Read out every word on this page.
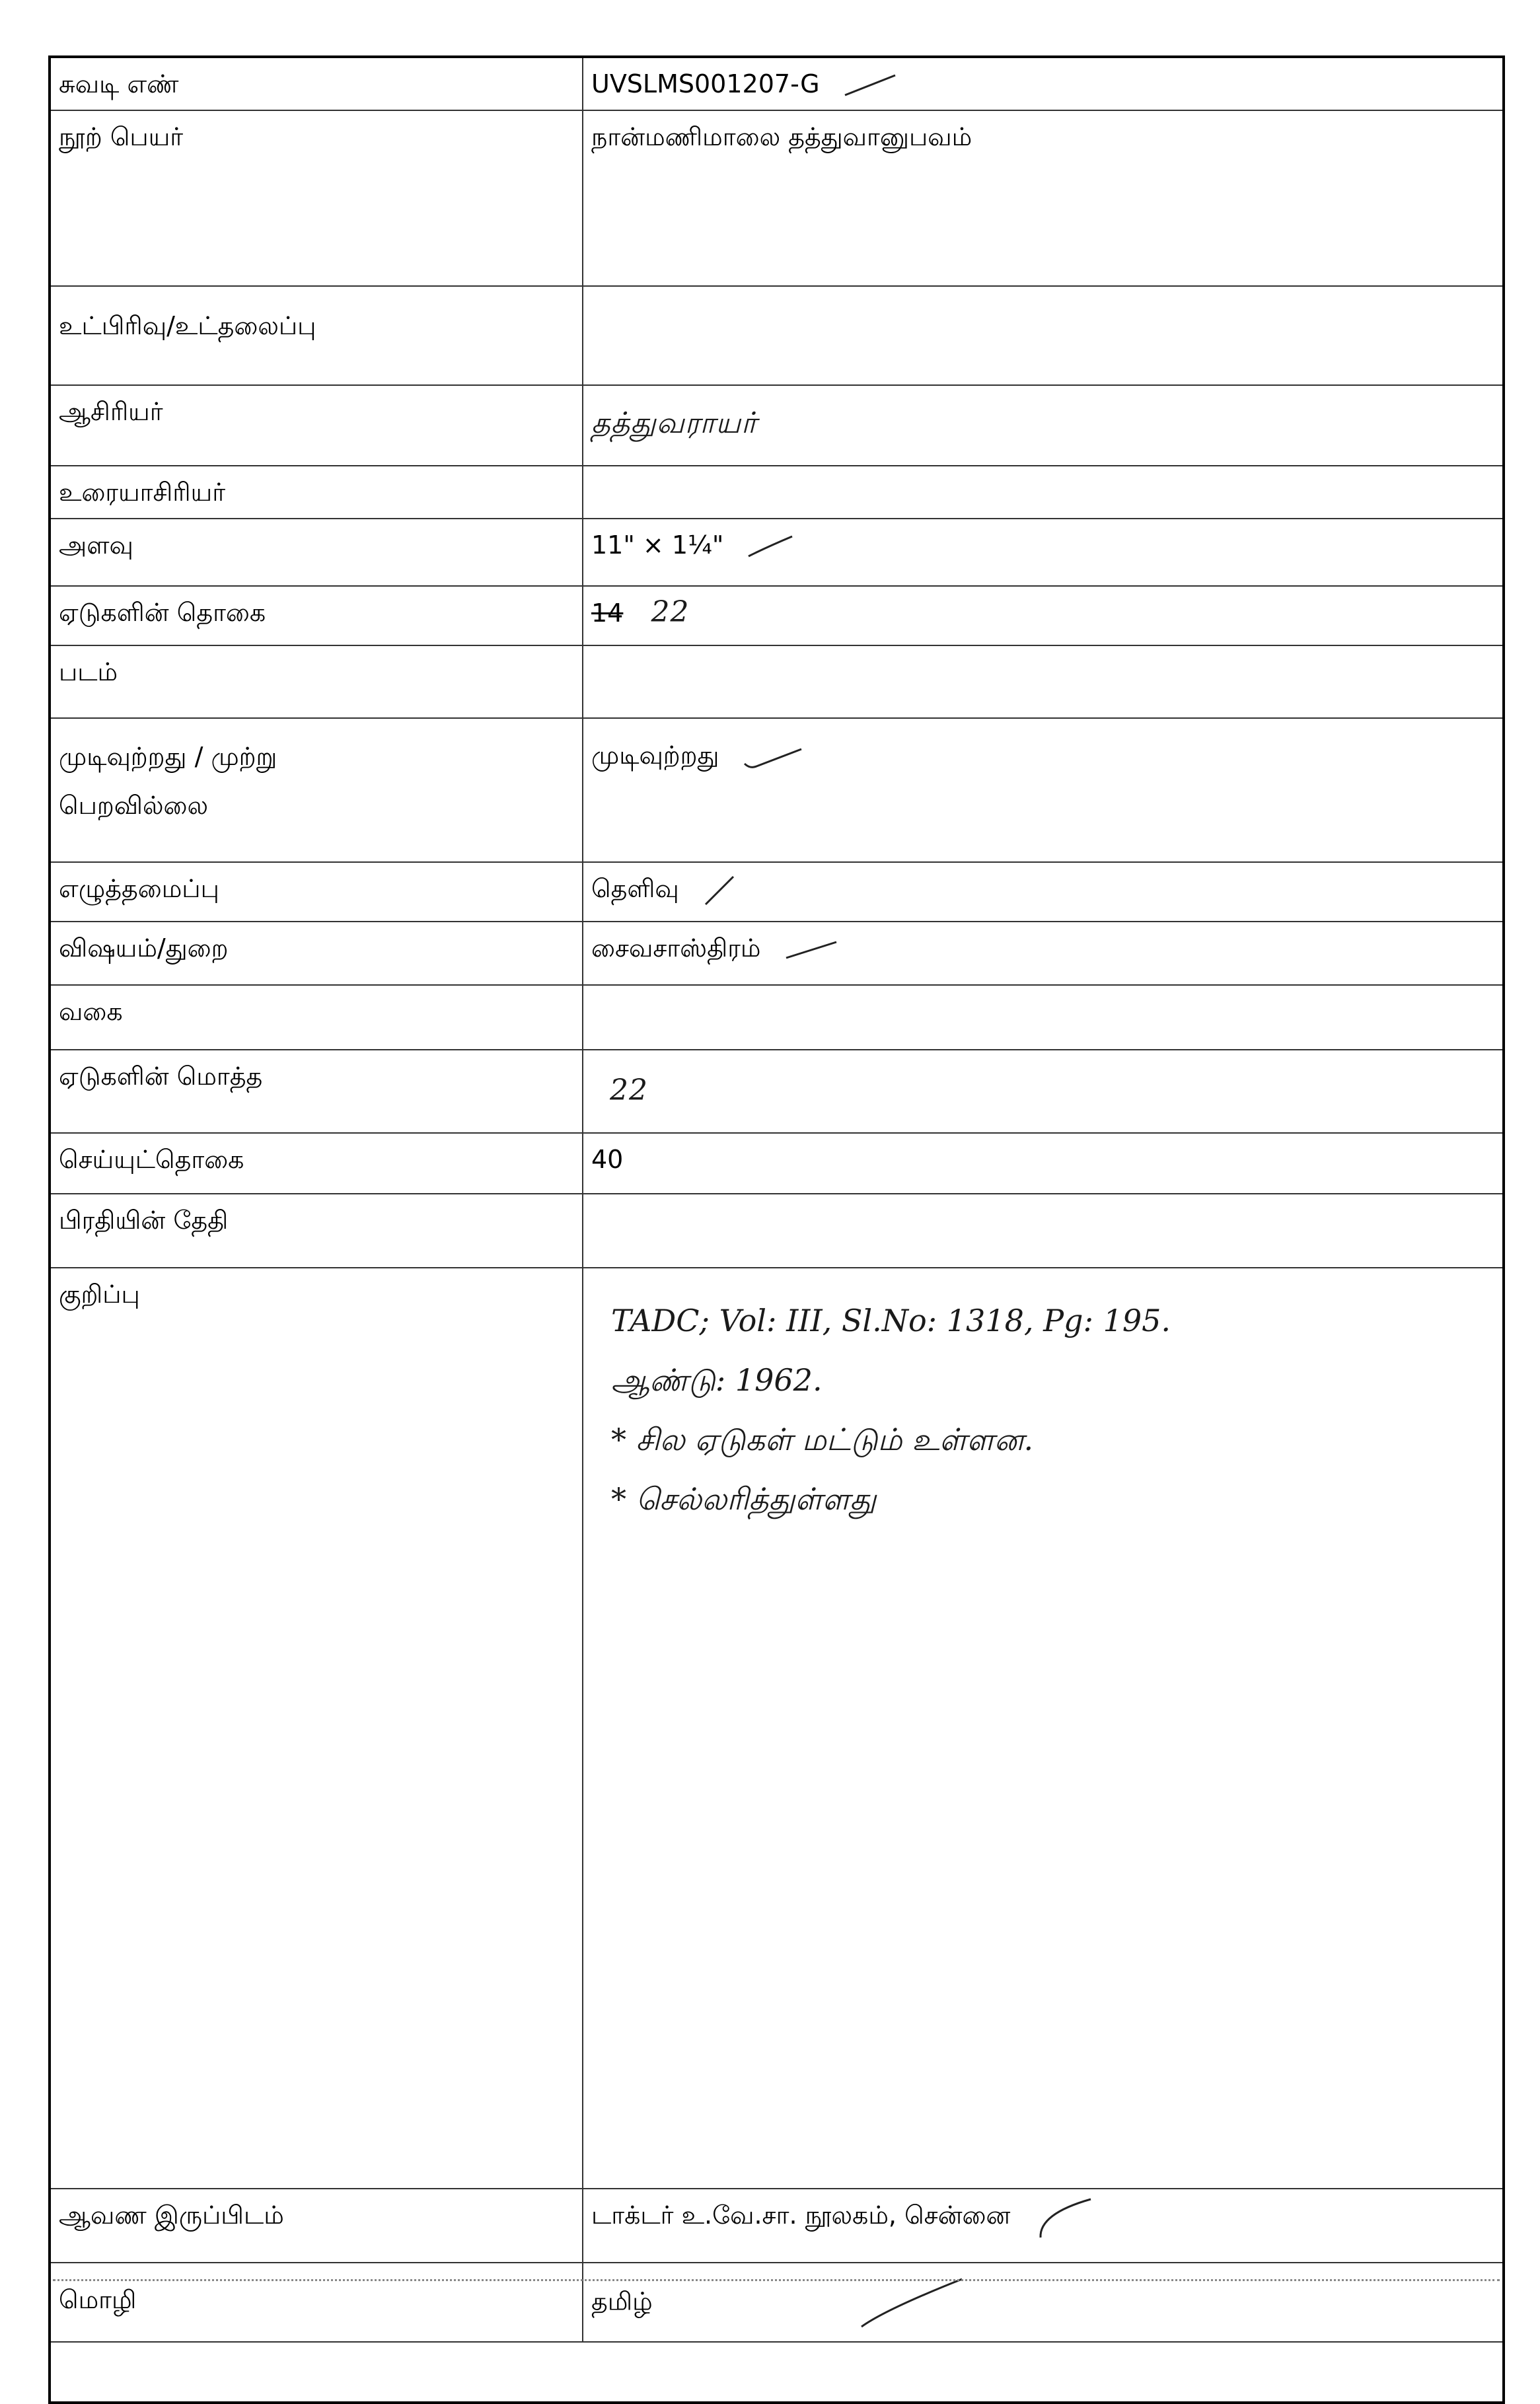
சுவடி எண்	UVSLMS001207-G

நூற் பெயர்	நான்மணிமாலை தத்துவானுபவம்
உட்பிரிவு/உட்தலைப்பு	
ஆசிரியர்	தத்துவராயர்
உரையாசிரியர்	
அளவு	11" × 1¼"

ஏடுகளின் தொகை	14 22
படம்	
முடிவுற்றது / முற்று பெறவில்லை	முடிவுற்றது

எழுத்தமைப்பு	தெளிவு

விஷயம்/துறை	சைவசாஸ்திரம்

வகை	
ஏடுகளின் மொத்த	22
செய்யுட்தொகை	40
பிரதியின் தேதி	
குறிப்பு	TADC; Vol: III, Sl.No: 1318, Pg: 195.
ஆண்டு: 1962.
* சில ஏடுகள் மட்டும் உள்ளன.
* செல்லரித்துள்ளது

ஆவண இருப்பிடம்	டாக்டர் உ.வே.சா. நூலகம், சென்னை

மொழி	தமிழ்
